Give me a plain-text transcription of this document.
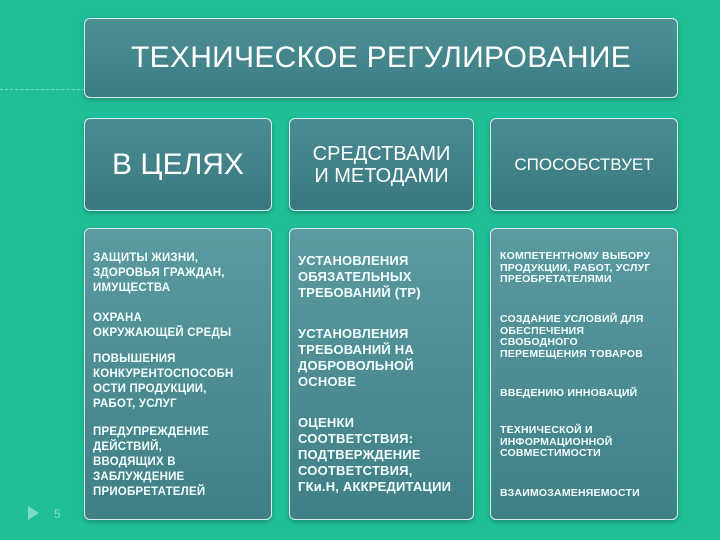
ТЕХНИЧЕСКОЕ РЕГУЛИРОВАНИЕ
В ЦЕЛЯХ	СРЕДСТВАМИ
И МЕТОДАМИ
СПОСОБСТВУЕТ
ЗАЩИТЫ ЖИЗНИ,
ЗДОРОВЬЯ ГРАЖДАН,
ИМУЩЕСТВА
ОХРАНА
ОКРУЖАЮЩЕЙ СРЕДЫ
ПОВЫШЕНИЯ
КОНКУРЕНТОСПОСОБН
ОСТИ ПРОДУКЦИИ,
РАБОТ, УСЛУГ
ПРЕДУПРЕЖДЕНИЕ
ДЕЙСТВИЙ,
ВВОДЯЩИХ В
ЗАБЛУЖДЕНИЕ
ПРИОБРЕТАТЕЛЕЙ
УСТАНОВЛЕНИЯ
ОБЯЗАТЕЛЬНЫХ
ТРЕБОВАНИЙ (ТР)
УСТАНОВЛЕНИЯ
ТРЕБОВАНИЙ НА
ДОБРОВОЛЬНОЙ
ОСНОВЕ
ОЦЕНКИ
СООТВЕТСТВИЯ:
ПОДТВЕРЖДЕНИЕ
СООТВЕТСТВИЯ,
ГКи.Н, АККРЕДИТАЦИИ
КОМПЕТЕНТНОМУ ВЫБОРУ
ПРОДУКЦИИ, РАБОТ, УСЛУГ
ПРЕОБРЕТАТЕЛЯМИ
СОЗДАНИЕ УСЛОВИЙ ДЛЯ
ОБЕСПЕЧЕНИЯ
СВОБОДНОГО
ПЕРЕМЕЩЕНИЯ ТОВАРОВ
ВВЕДЕНИЮ ИННОВАЦИЙ
ТЕХНИЧЕСКОЙ И
ИНФОРМАЦИОННОЙ
СОВМЕСТИМОСТИ
ВЗАИМОЗАМЕНЯЕМОСТИ
5
